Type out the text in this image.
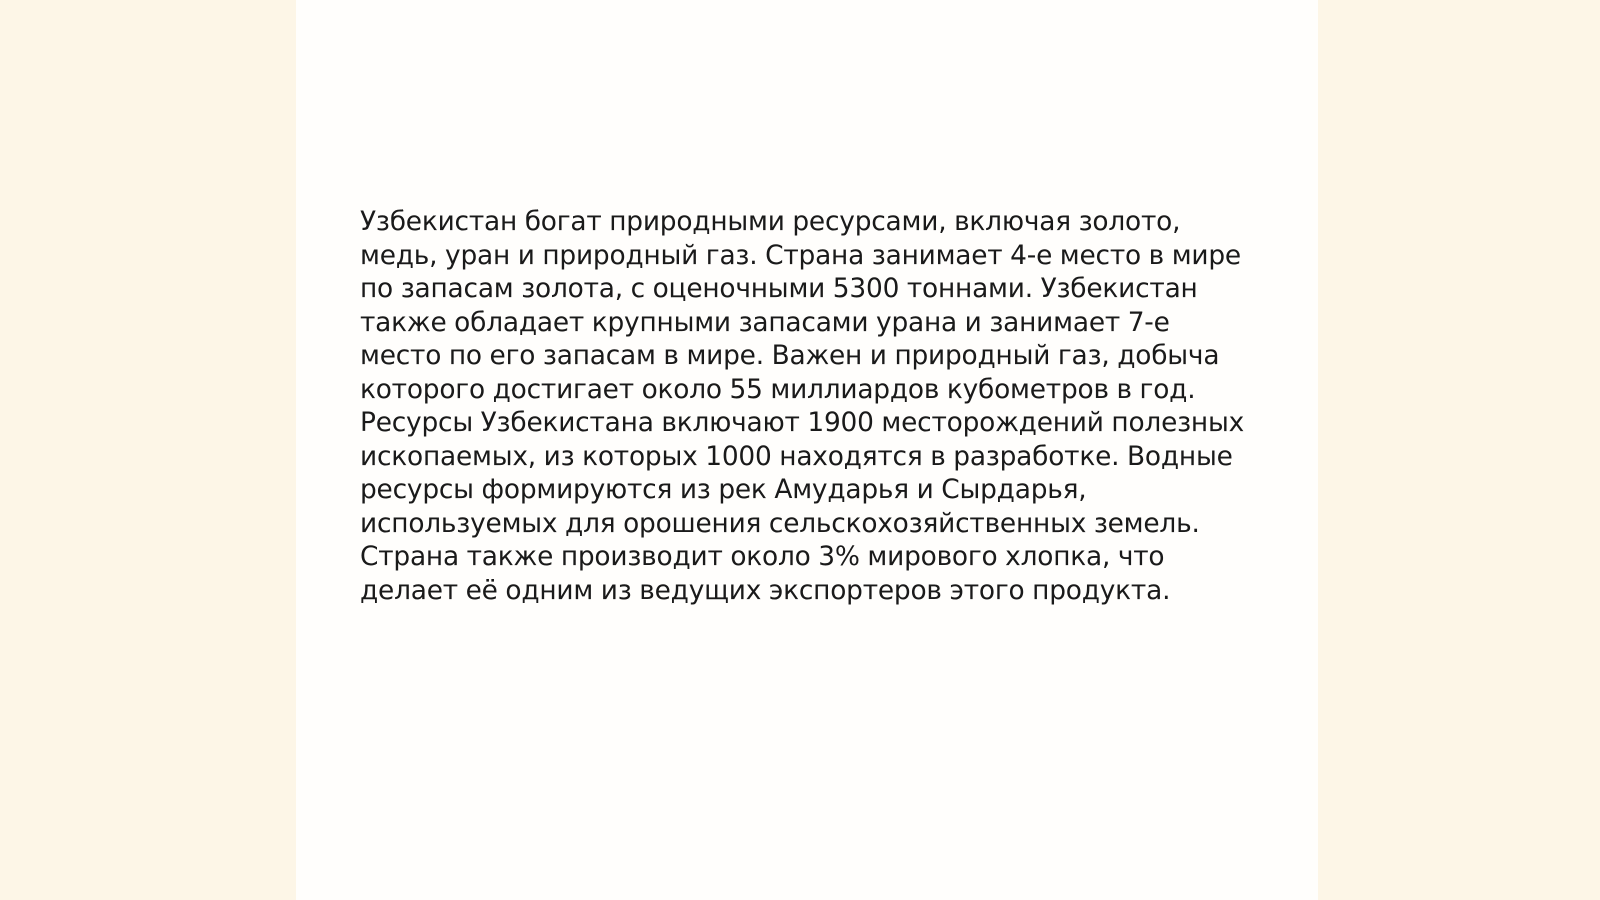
Узбекистан богат природными ресурсами, включая золото,
медь, уран и природный газ. Страна занимает 4-е место в мире
по запасам золота, с оценочными 5300 тоннами. Узбекистан
также обладает крупными запасами урана и занимает 7-е
место по его запасам в мире. Важен и природный газ, добыча
которого достигает около 55 миллиардов кубометров в год.
Ресурсы Узбекистана включают 1900 месторождений полезных
ископаемых, из которых 1000 находятся в разработке. Водные
ресурсы формируются из рек Амударья и Сырдарья,
используемых для орошения сельскохозяйственных земель.
Страна также производит около 3% мирового хлопка, что
делает её одним из ведущих экспортеров этого продукта.
